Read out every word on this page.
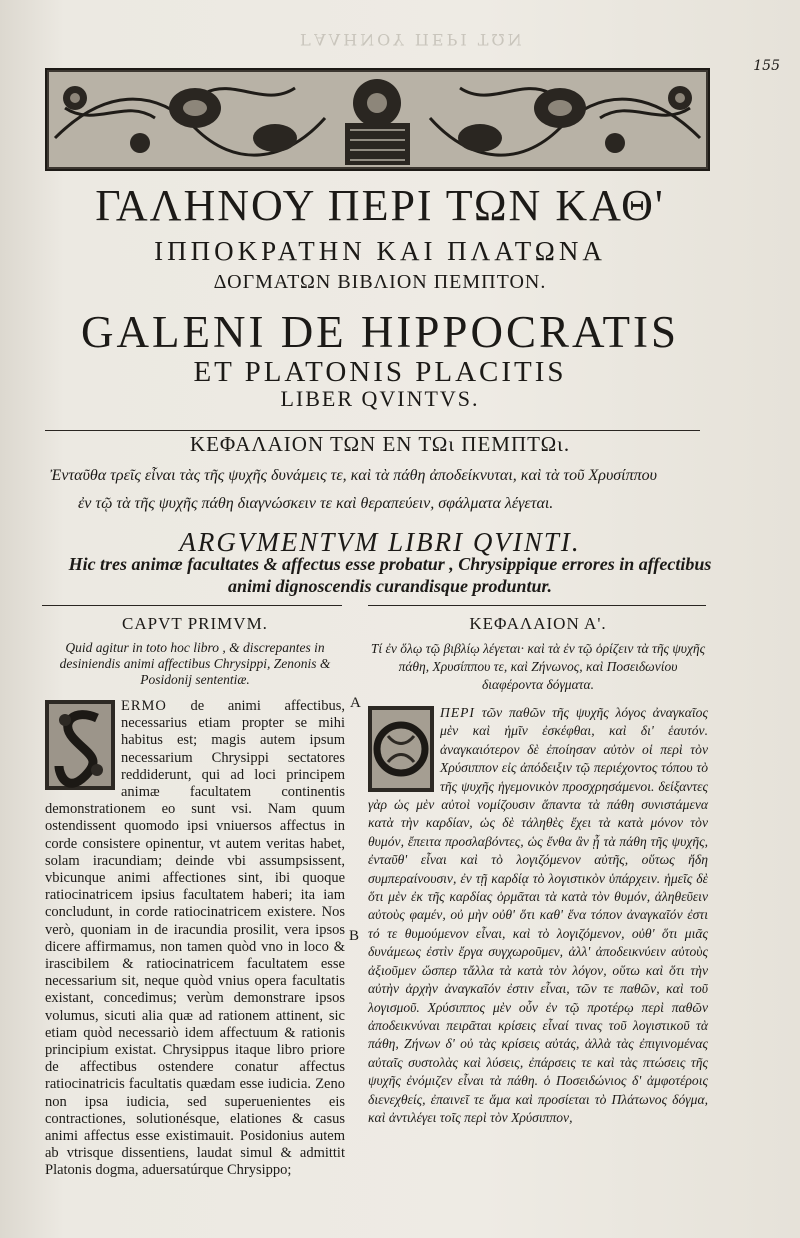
ΓΑΛΗΝΟΥ ΠΕΡΙ ΤΩΝ
155
ΓΑΛΗΝΟΥ ΠΕΡΙ ΤΩΝ ΚΑΘ'
ΙΠΠΟΚΡΑΤΗΝ ΚΑΙ ΠΛΑΤΩΝΑ
ΔΟΓΜΑΤΩΝ ΒΙΒΛΙΟΝ ΠΕΜΠΤΟΝ.
GALENI DE HIPPOCRATIS
ET PLATONIS PLACITIS
LIBER QVINTVS.
ΚΕΦΑΛΑΙΟΝ ΤΩΝ ΕΝ ΤΩι ΠΕΜΠΤΩι.

Ἐνταῦθα τρεῖς εἶναι τὰς τῆς ψυχῆς δυνάμεις τε, καὶ τὰ πάθη ἀποδείκνυται, καὶ τὰ τοῦ Χρυσίππου

ἐν τῷ τὰ τῆς ψυχῆς πάθη διαγνώσκειν τε καὶ θεραπεύειν, σφάλματα λέγεται.

ARGVMENTVM LIBRI QVINTI.

Hic tres animæ facultates & affectus esse probatur , Chrysippique errores in affectibus

animi dignoscendis curandisque produntur.

A
B
CAPVT PRIMVM.
Quid agitur in toto hoc libro , & discrepantes in desiniendis animi affectibus Chrysippi, Zenonis & Posidonij sententiæ.
ERMO de animi affectibus, necessarius etiam propter se mihi habitus est; magis autem ipsum necessarium Chrysippi sectatores reddiderunt, qui ad loci principem animæ facultatem continentis demonstrationem eo sunt vsi. Nam quum ostendissent quomodo ipsi vniuersos affectus in corde consistere opinentur, vt autem veritas habet, solam iracundiam; deinde vbi assumpsissent, vbicunque animi affectiones sint, ibi quoque ratiocinatricem ipsius facultatem haberi; ita iam concludunt, in corde ratiocinatricem existere. Nos verò, quoniam in de iracundia prosilit, vera ipsos dicere affirmamus, non tamen quòd vno in loco & irascibilem & ratiocinatricem facultatem esse necessarium sit, neque quòd vnius opera facultatis existant, concedimus; verùm demonstrare ipsos volumus, sicuti alia quæ ad rationem attinent, sic etiam quòd necessariò idem affectuum & rationis principium existat. Chrysippus itaque libro priore de affectibus ostendere conatur affectus ratiocinatricis facultatis quædam esse iudicia. Zeno non ipsa iudicia, sed superuenientes eis contractiones, solutionésque, elationes & casus animi affectus esse existimauit. Posidonius autem ab vtrisque dissentiens, laudat simul & admittit Platonis dogma, aduersatúrque Chrysippo;
ΚΕΦΑΛΑΙΟΝ Α'.
Τί ἐν ὅλῳ τῷ βιβλίῳ λέγεται· καὶ τὰ ἐν τῷ ὁρίζειν τὰ τῆς ψυχῆς πάθη, Χρυσίππου τε, καὶ Ζήνωνος, καὶ Ποσειδωνίου διαφέροντα δόγματα.
ΠΕΡΙ τῶν παθῶν τῆς ψυχῆς λόγος ἀναγκαῖος μὲν καὶ ἡμῖν ἐσκέφθαι, καὶ δι' ἑαυτόν. ἀναγκαιότερον δὲ ἐποίησαν αὐτὸν οἱ περὶ τὸν Χρύσιππον εἰς ἀπόδειξιν τῷ περιέχοντος τόπου τὸ τῆς ψυχῆς ἡγεμονικὸν προσχρησάμενοι. δείξαντες γὰρ ὡς μὲν αὐτοὶ νομίζουσιν ἅπαντα τὰ πάθη συνιστάμενα κατὰ τὴν καρδίαν, ὡς δὲ τἀληθὲς ἔχει τὰ κατὰ μόνον τὸν θυμόν, ἔπειτα προσλαβόντες, ὡς ἔνθα ἂν ᾖ τὰ πάθη τῆς ψυχῆς, ἐνταῦθ' εἶναι καὶ τὸ λογιζόμενον αὐτῆς, οὕτως ἤδη συμπεραίνουσιν, ἐν τῇ καρδίᾳ τὸ λογιστικὸν ὑπάρχειν. ἡμεῖς δὲ ὅτι μὲν ἐκ τῆς καρδίας ὁρμᾶται τὰ κατὰ τὸν θυμόν, ἀληθεῦειν αὐτοὺς φαμέν, οὐ μὴν οὐθ' ὅτι καθ' ἕνα τόπον ἀναγκαῖόν ἐστι τό τε θυμούμενον εἶναι, καὶ τὸ λογιζόμενον, οὐθ' ὅτι μιᾶς δυνάμεως ἐστὶν ἔργα συγχωροῦμεν, ἀλλ' ἀποδεικνύειν αὐτοὺς ἀξιοῦμεν ὥσπερ τἄλλα τὰ κατὰ τὸν λόγον, οὕτω καὶ ὅτι τὴν αὐτὴν ἀρχὴν ἀναγκαῖόν ἐστιν εἶναι, τῶν τε παθῶν, καὶ τοῦ λογισμοῦ. Χρύσιππος μὲν οὖν ἐν τῷ προτέρῳ περὶ παθῶν ἀποδεικνύναι πειρᾶται κρίσεις εἶναί τινας τοῦ λογιστικοῦ τὰ πάθη, Ζήνων δ' οὐ τὰς κρίσεις αὐτάς, ἀλλὰ τὰς ἐπιγινομένας αὐταῖς συστολὰς καὶ λύσεις, ἐπάρσεις τε καὶ τὰς πτώσεις τῆς ψυχῆς ἐνόμιζεν εἶναι τὰ πάθη. ὁ Ποσειδώνιος δ' ἀμφοτέροις διενεχθείς, ἐπαινεῖ τε ἅμα καὶ προσίεται τὸ Πλάτωνος δόγμα, καὶ ἀντιλέγει τοῖς περὶ τὸν Χρύσιππον,
